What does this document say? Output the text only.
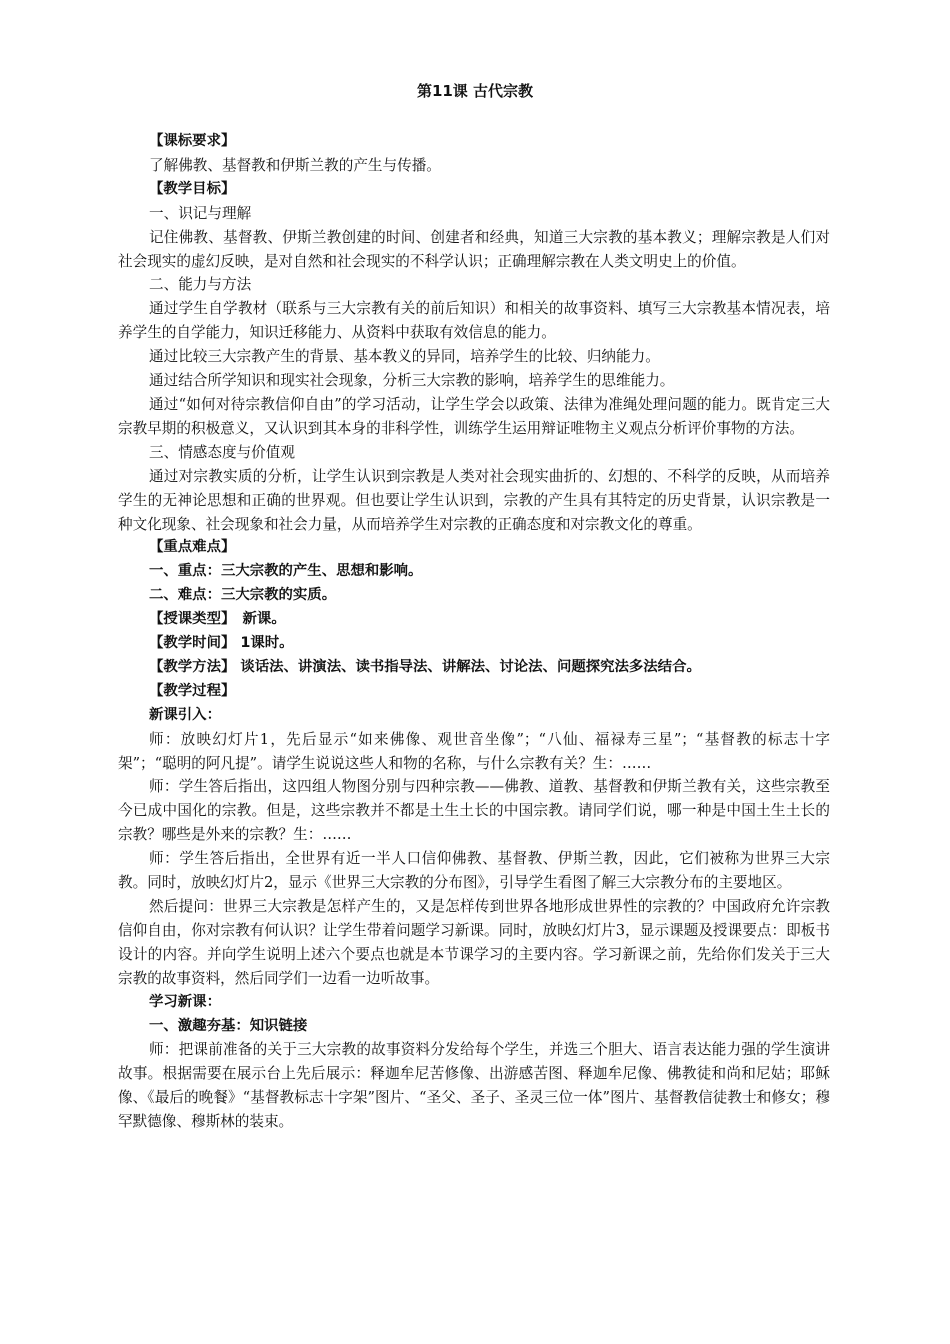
第11课 古代宗教

【课标要求】

了解佛教、基督教和伊斯兰教的产生与传播。

【教学目标】

一、识记与理解

记住佛教、基督教、伊斯兰教创建的时间、创建者和经典，知道三大宗教的基本教义；理解宗教是人们对社会现实的虚幻反映，是对自然和社会现实的不科学认识；正确理解宗教在人类文明史上的价值。

二、能力与方法

通过学生自学教材（联系与三大宗教有关的前后知识）和相关的故事资料、填写三大宗教基本情况表，培养学生的自学能力，知识迁移能力、从资料中获取有效信息的能力。

通过比较三大宗教产生的背景、基本教义的异同，培养学生的比较、归纳能力。

通过结合所学知识和现实社会现象，分析三大宗教的影响，培养学生的思维能力。

通过“如何对待宗教信仰自由”的学习活动，让学生学会以政策、法律为准绳处理问题的能力。既肯定三大宗教早期的积极意义，又认识到其本身的非科学性，训练学生运用辩证唯物主义观点分析评价事物的方法。

三、情感态度与价值观

通过对宗教实质的分析，让学生认识到宗教是人类对社会现实曲折的、幻想的、不科学的反映，从而培养学生的无神论思想和正确的世界观。但也要让学生认识到，宗教的产生具有其特定的历史背景，认识宗教是一种文化现象、社会现象和社会力量，从而培养学生对宗教的正确态度和对宗教文化的尊重。

【重点难点】

一、重点：三大宗教的产生、思想和影响。

二、难点：三大宗教的实质。

【授课类型】　新课。

【教学时间】 1课时。

【教学方法】 谈话法、讲演法、读书指导法、讲解法、讨论法、问题探究法多法结合。

【教学过程】

新课引入：

师：放映幻灯片1，先后显示“如来佛像、观世音坐像”；“八仙、福禄寿三星”；“基督教的标志十字架”；“聪明的阿凡提”。请学生说说这些人和物的名称，与什么宗教有关？生：……

师：学生答后指出，这四组人物图分别与四种宗教——佛教、道教、基督教和伊斯兰教有关，这些宗教至今已成中国化的宗教。但是，这些宗教并不都是土生土长的中国宗教。请同学们说，哪一种是中国土生土长的宗教？哪些是外来的宗教？生：……

师：学生答后指出，全世界有近一半人口信仰佛教、基督教、伊斯兰教，因此，它们被称为世界三大宗教。同时，放映幻灯片2，显示《世界三大宗教的分布图》，引导学生看图了解三大宗教分布的主要地区。

然后提问：世界三大宗教是怎样产生的，又是怎样传到世界各地形成世界性的宗教的？中国政府允许宗教信仰自由，你对宗教有何认识？让学生带着问题学习新课。同时，放映幻灯片3，显示课题及授课要点：即板书设计的内容。并向学生说明上述六个要点也就是本节课学习的主要内容。学习新课之前，先给你们发关于三大宗教的故事资料，然后同学们一边看一边听故事。

学习新课：

一、激趣夯基：知识链接

师：把课前准备的关于三大宗教的故事资料分发给每个学生，并选三个胆大、语言表达能力强的学生演讲故事。根据需要在展示台上先后展示：释迦牟尼苦修像、出游感苦图、释迦牟尼像、佛教徒和尚和尼姑；耶稣像、《最后的晚餐》“基督教标志十字架”图片、“圣父、圣子、圣灵三位一体”图片、基督教信徒教士和修女；穆罕默德像、穆斯林的装束。
